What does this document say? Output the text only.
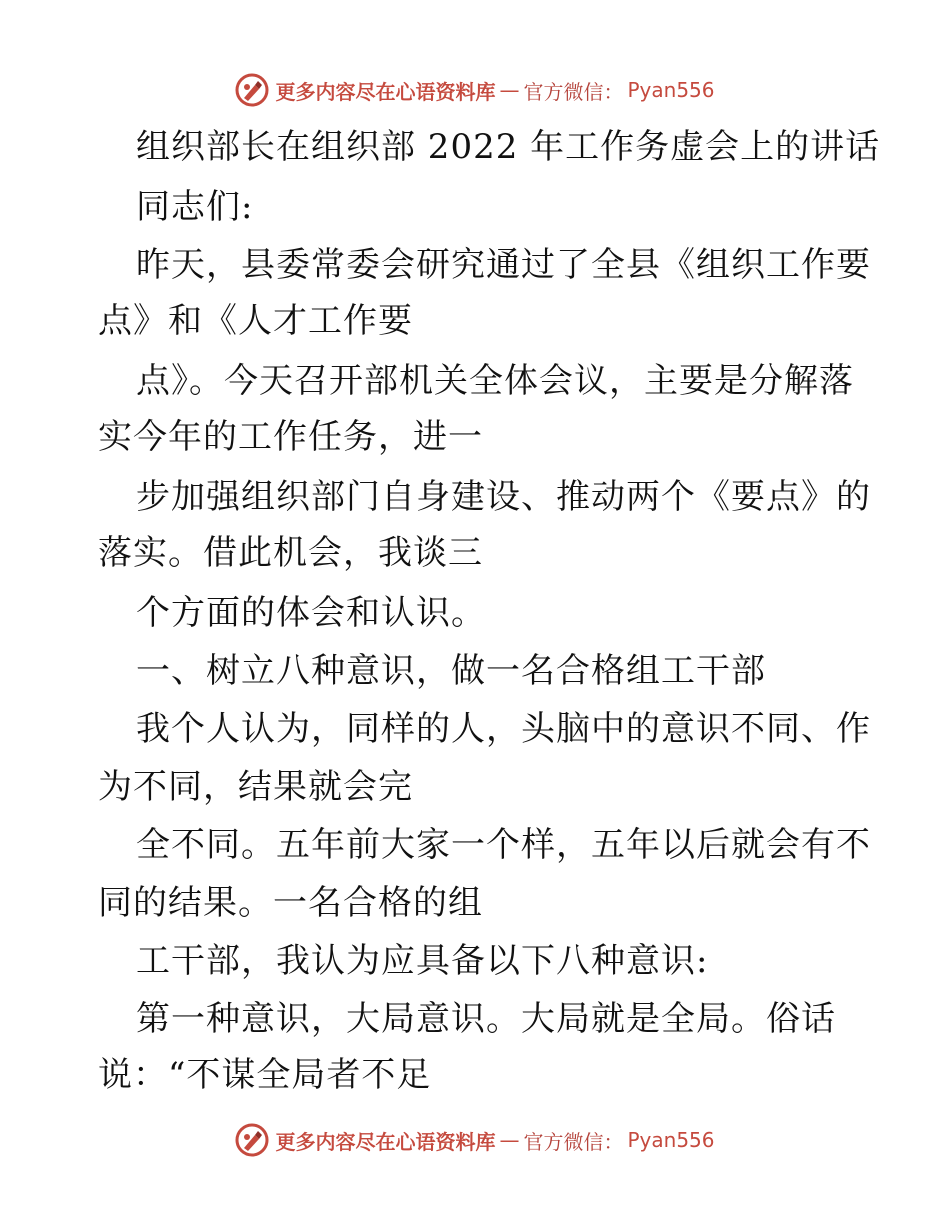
更多内容尽在心语资料库 — 官方微信： Pyan556
组织部长在组织部 2022 年工作务虚会上的讲话
同志们:
昨天，县委常委会研究通过了全县《组织工作要
点》和《人才工作要
点》。今天召开部机关全体会议，主要是分解落
实今年的工作任务，进一
步加强组织部门自身建设、推动两个《要点》的
落实。借此机会，我谈三
个方面的体会和认识。
一、树立八种意识，做一名合格组工干部
我个人认为，同样的人，头脑中的意识不同、作
为不同，结果就会完
全不同。五年前大家一个样，五年以后就会有不
同的结果。一名合格的组
工干部，我认为应具备以下八种意识:
第一种意识，大局意识。大局就是全局。俗话
说：“不谋全局者不足
更多内容尽在心语资料库 — 官方微信： Pyan556
